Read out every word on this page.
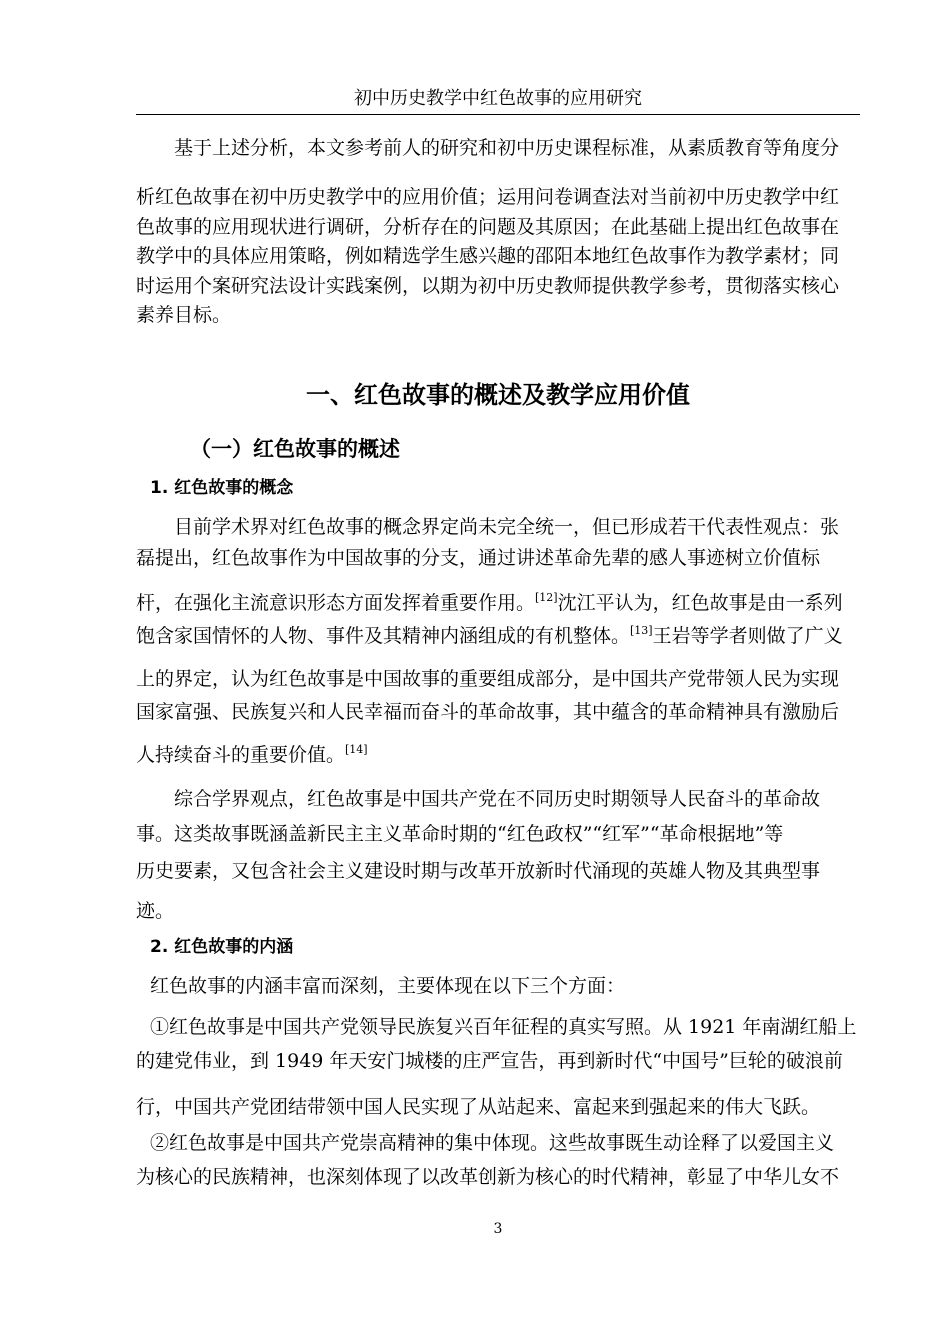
初中历史教学中红色故事的应用研究
基于上述分析，本文参考前人的研究和初中历史课程标准，从素质教育等角度分
析红色故事在初中历史教学中的应用价值；运用问卷调查法对当前初中历史教学中红
色故事的应用现状进行调研，分析存在的问题及其原因；在此基础上提出红色故事在
教学中的具体应用策略，例如精选学生感兴趣的邵阳本地红色故事作为教学素材；同
时运用个案研究法设计实践案例，以期为初中历史教师提供教学参考，贯彻落实核心
素养目标。
一、红色故事的概述及教学应用价值
（一）红色故事的概述
1. 红色故事的概念
目前学术界对红色故事的概念界定尚未完全统一，但已形成若干代表性观点：张
磊提出，红色故事作为中国故事的分支，通过讲述革命先辈的感人事迹树立价值标
杆，在强化主流意识形态方面发挥着重要作用。[12]沈江平认为，红色故事是由一系列
饱含家国情怀的人物、事件及其精神内涵组成的有机整体。[13]王岩等学者则做了广义
上的界定，认为红色故事是中国故事的重要组成部分，是中国共产党带领人民为实现
国家富强、民族复兴和人民幸福而奋斗的革命故事，其中蕴含的革命精神具有激励后
人持续奋斗的重要价值。[14]
综合学界观点，红色故事是中国共产党在不同历史时期领导人民奋斗的革命故
事。这类故事既涵盖新民主主义革命时期的“红色政权”“红军”“革命根据地”等
历史要素，又包含社会主义建设时期与改革开放新时代涌现的英雄人物及其典型事
迹。
2. 红色故事的内涵
红色故事的内涵丰富而深刻，主要体现在以下三个方面：
①红色故事是中国共产党领导民族复兴百年征程的真实写照。从 1921 年南湖红船上
的建党伟业，到 1949 年天安门城楼的庄严宣告，再到新时代“中国号”巨轮的破浪前
行，中国共产党团结带领中国人民实现了从站起来、富起来到强起来的伟大飞跃。
②红色故事是中国共产党崇高精神的集中体现。这些故事既生动诠释了以爱国主义
为核心的民族精神，也深刻体现了以改革创新为核心的时代精神，彰显了中华儿女不
3
